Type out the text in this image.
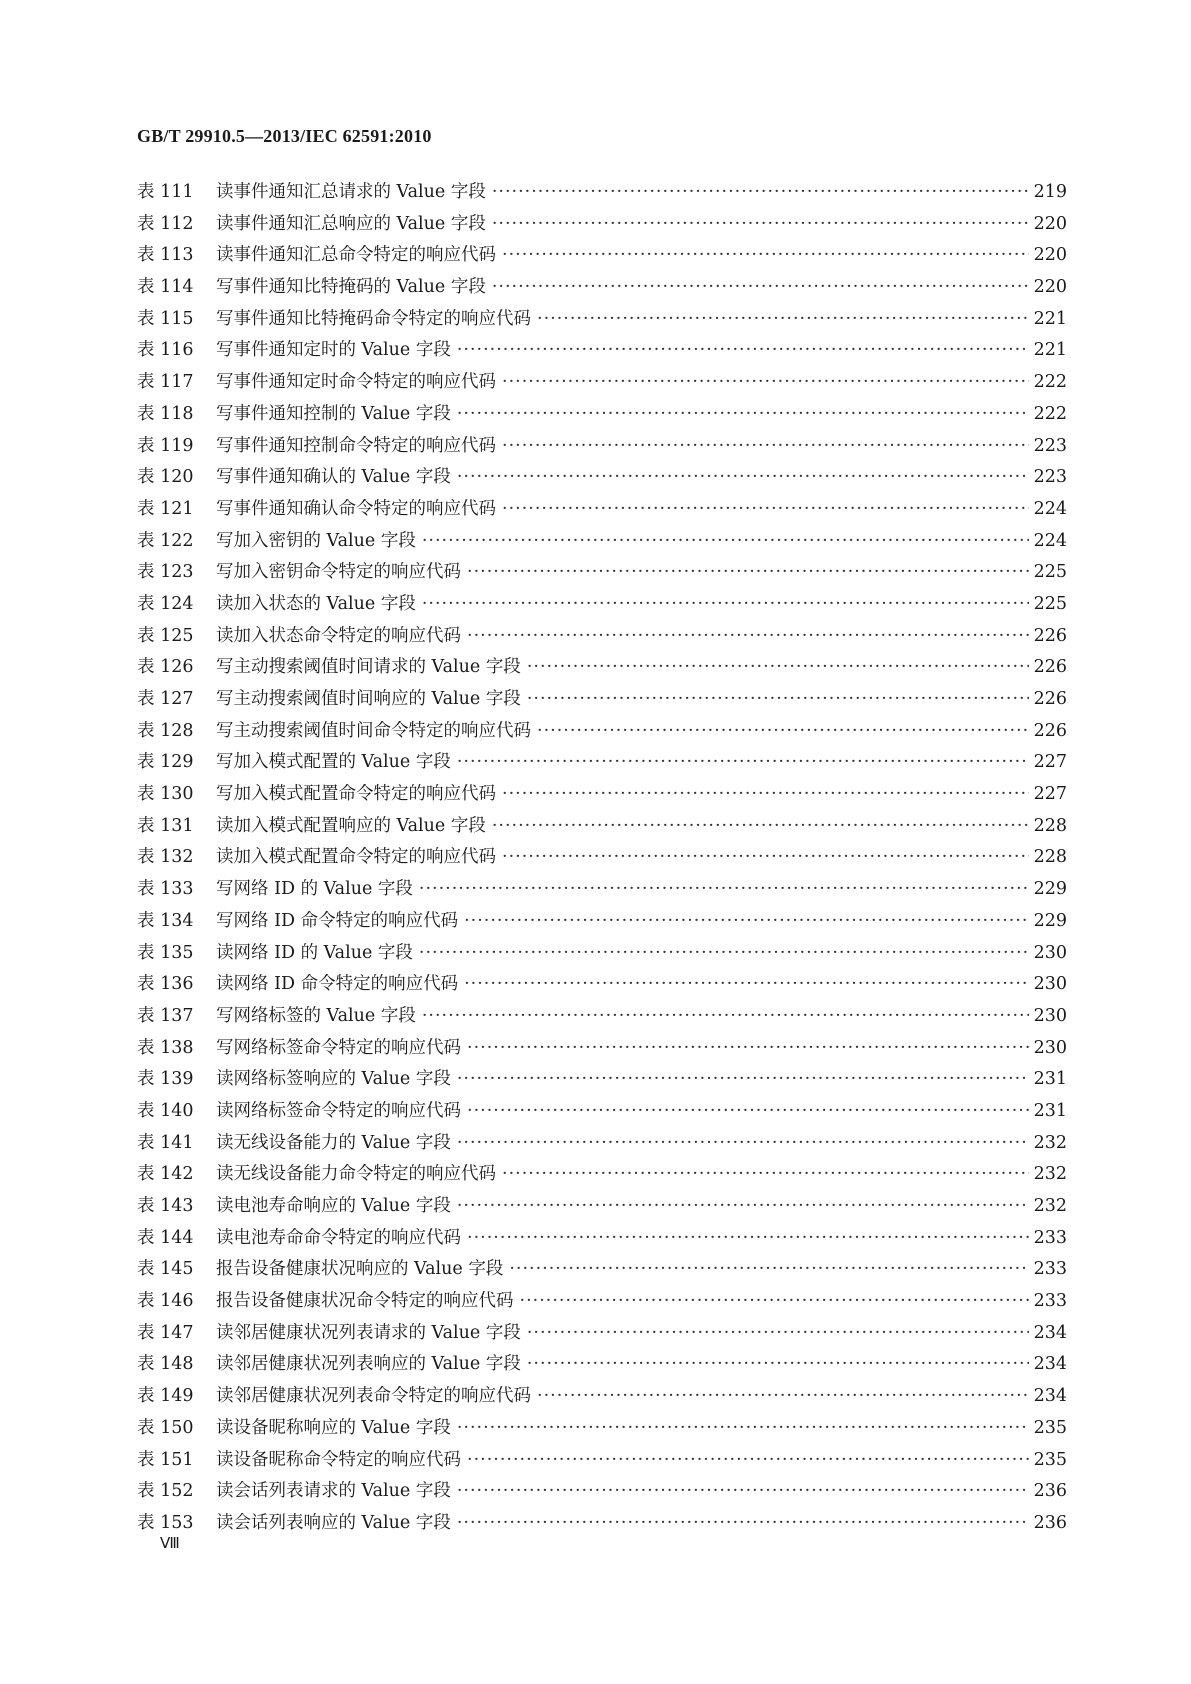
GB/T 29910.5—2013/IEC 62591:2010
表 111	读事件通知汇总请求的 Value 字段 ·····	219
表 112	读事件通知汇总响应的 Value 字段 ·····	220
表 113	读事件通知汇总命令特定的响应代码 ·····	220
表 114	写事件通知比特掩码的 Value 字段 ·····	220
表 115	写事件通知比特掩码命令特定的响应代码 ·····	221
表 116	写事件通知定时的 Value 字段 ·····	221
表 117	写事件通知定时命令特定的响应代码 ·····	222
表 118	写事件通知控制的 Value 字段 ·····	222
表 119	写事件通知控制命令特定的响应代码 ·····	223
表 120	写事件通知确认的 Value 字段 ·····	223
表 121	写事件通知确认命令特定的响应代码 ·····	224
表 122	写加入密钥的 Value 字段 ·····	224
表 123	写加入密钥命令特定的响应代码 ·····	225
表 124	读加入状态的 Value 字段 ·····	225
表 125	读加入状态命令特定的响应代码 ·····	226
表 126	写主动搜索阈值时间请求的 Value 字段 ·····	226
表 127	写主动搜索阈值时间响应的 Value 字段 ·····	226
表 128	写主动搜索阈值时间命令特定的响应代码 ·····	226
表 129	写加入模式配置的 Value 字段 ·····	227
表 130	写加入模式配置命令特定的响应代码 ·····	227
表 131	读加入模式配置响应的 Value 字段 ·····	228
表 132	读加入模式配置命令特定的响应代码 ·····	228
表 133	写网络 ID 的 Value 字段 ·····	229
表 134	写网络 ID 命令特定的响应代码 ·····	229
表 135	读网络 ID 的 Value 字段 ·····	230
表 136	读网络 ID 命令特定的响应代码 ·····	230
表 137	写网络标签的 Value 字段 ·····	230
表 138	写网络标签命令特定的响应代码 ·····	230
表 139	读网络标签响应的 Value 字段 ·····	231
表 140	读网络标签命令特定的响应代码 ·····	231
表 141	读无线设备能力的 Value 字段 ·····	232
表 142	读无线设备能力命令特定的响应代码 ·····	232
表 143	读电池寿命响应的 Value 字段 ·····	232
表 144	读电池寿命命令特定的响应代码 ·····	233
表 145	报告设备健康状况响应的 Value 字段 ·····	233
表 146	报告设备健康状况命令特定的响应代码 ·····	233
表 147	读邻居健康状况列表请求的 Value 字段 ·····	234
表 148	读邻居健康状况列表响应的 Value 字段 ·····	234
表 149	读邻居健康状况列表命令特定的响应代码 ·····	234
表 150	读设备昵称响应的 Value 字段 ·····	235
表 151	读设备昵称命令特定的响应代码 ·····	235
表 152	读会话列表请求的 Value 字段 ·····	236
表 153	读会话列表响应的 Value 字段 ·····	236
Ⅷ
